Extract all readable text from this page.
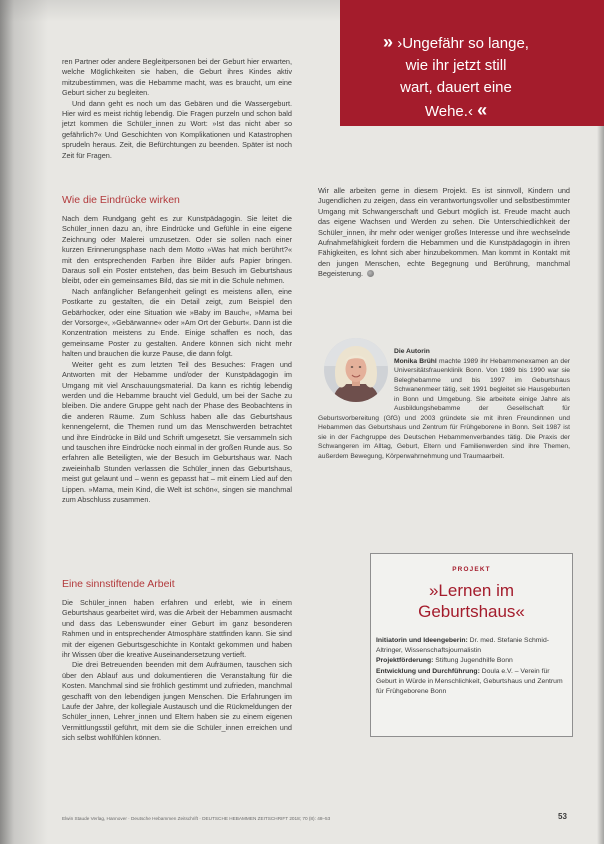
» ›Ungefähr so lange,
wie ihr jetzt still
wart, dauert eine
Wehe.‹ «

ren Partner oder andere Begleitpersonen bei der Geburt hier erwarten, welche Möglichkeiten sie haben, die Geburt ihres Kindes aktiv mitzubestimmen, was die Hebamme macht, was es braucht, um eine Geburt sicher zu begleiten.

Und dann geht es noch um das Gebären und die Wassergeburt. Hier wird es meist richtig lebendig. Die Fragen purzeln und schon bald jetzt kommen die Schüler_innen zu Wort: »Ist das nicht aber so gefährlich?« Und Geschichten von Komplikationen und Katastrophen sprudeln heraus. Zeit, die Befürchtungen zu beenden. Später ist noch Zeit für Fragen.

Wie die Eindrücke wirken

Nach dem Rundgang geht es zur Kunstpädagogin. Sie leitet die Schüler_innen dazu an, ihre Eindrücke und Gefühle in eine eigene Zeichnung oder Malerei umzusetzen. Oder sie sollen nach einer kurzen Erinnerungsphase nach dem Motto »Was hat mich berührt?« mit den entsprechenden Farben ihre Bilder aufs Papier bringen. Daraus soll ein Poster entstehen, das beim Besuch im Geburtshaus bleibt, oder ein gemeinsames Bild, das sie mit in die Schule nehmen.

Nach anfänglicher Befangenheit gelingt es meistens allen, eine Postkarte zu gestalten, die ein Detail zeigt, zum Beispiel den Gebärhocker, oder eine Situation wie »Baby im Bauch«, »Mama bei der Vorsorge«, »Gebärwanne« oder »Am Ort der Geburt«. Dann ist die Konzentration meistens zu Ende. Einige schaffen es noch, das gemeinsame Poster zu gestalten. Andere können sich nicht mehr halten und brauchen die kurze Pause, die dann folgt.

Weiter geht es zum letzten Teil des Besuches: Fragen und Antworten mit der Hebamme und/oder der Kunstpädagogin im Umgang mit viel Anschauungsmaterial. Da kann es richtig lebendig werden und die Hebamme braucht viel Geduld, um bei der Sache zu bleiben. Die andere Gruppe geht nach der Phase des Beobachtens in die anderen Räume. Zum Schluss haben alle das Geburtshaus kennengelernt, die Themen rund um das Menschwerden betrachtet und ihre Eindrücke in Bild und Schrift umgesetzt. Sie versammeln sich und tauschen ihre Eindrücke noch einmal in der großen Runde aus. So erfahren alle Beteiligten, wie der Besuch im Geburtshaus war. Nach zweieinhalb Stunden verlassen die Schüler_innen das Geburtshaus, meist gut gelaunt und – wenn es gepasst hat – mit einem Lied auf den Lippen. »Mama, mein Kind, die Welt ist schön«, singen sie manchmal zum Abschluss zusammen.

Eine sinnstiftende Arbeit

Die Schüler_innen haben erfahren und erlebt, wie in einem Geburtshaus gearbeitet wird, was die Arbeit der Hebammen ausmacht und dass das Lebenswunder einer Geburt im ganz besonderen Rahmen und in entsprechender Atmosphäre stattfinden kann. Sie sind mit der eigenen Geburtsgeschichte in Kontakt gekommen und haben ihr Wissen über die kreative Auseinandersetzung vertieft.

Die drei Betreuenden beenden mit dem Aufräumen, tauschen sich über den Ablauf aus und dokumentieren die Veranstaltung für die Kosten. Manchmal sind sie fröhlich gestimmt und zufrieden, manchmal geschafft von den lebendigen jungen Menschen. Die Erfahrungen im Laufe der Jahre, der kollegiale Austausch und die Rückmeldungen der Schüler_innen, Lehrer_innen und Eltern haben sie zu einem eigenen Vermittlungsstil geführt, mit dem sie die Schüler_innen erreichen und sich selbst wohlfühlen können.

Wir alle arbeiten gerne in diesem Projekt. Es ist sinnvoll, Kindern und Jugendlichen zu zeigen, dass ein verantwortungsvoller und selbstbestimmter Umgang mit Schwangerschaft und Geburt möglich ist. Freude macht auch das eigene Wachsen und Werden zu sehen. Die Unterschiedlichkeit der Schüler_innen, ihr mehr oder weniger großes Interesse und ihre wechselnde Aufnahmefähigkeit fordern die Hebammen und die Kunstpädagogin in ihren Fähigkeiten, es lohnt sich aber hinzubekommen. Man kommt in Kontakt mit den jungen Menschen, echte Begegnung und Berührung, manchmal Begeisterung.

Die Autorin
Monika Brühl machte 1989 ihr Hebammenexamen an der Universitätsfrauenklinik Bonn. Von 1989 bis 1990 war sie Beleghebamme und bis 1997 im Geburtshaus Schwanenmeer tätig, seit 1991 begleitet sie Hausgeburten in Bonn und Umgebung. Sie arbeitete einige Jahre als Ausbildungshebamme der Gesellschaft für Geburtsvorbereitung (GfG) und 2003 gründete sie mit ihren Freundinnen und Hebammen das Geburtshaus und Zentrum für Frühgeborene in Bonn. Seit 1987 ist sie in der Fachgruppe des Deutschen Hebammenverbandes tätig. Die Praxis der Schwangeren im Alltag, Geburt, Eltern und Familienwerden sind ihre Themen, außerdem Bewegung, Körperwahrnehmung und Traumaarbeit.
PROJEKT
»Lernen im
Geburtshaus«

Initiatorin und Ideengeberin: Dr. med. Stefanie Schmid-Altringer, Wissenschaftsjournalistin

Projektförderung: Stiftung Jugendhilfe Bonn

Entwicklung und Durchführung: Doula e.V. – Verein für Geburt in Würde in Menschlichkeit, Geburtshaus und Zentrum für Frühgeborene Bonn

Elwin Staude Verlag, Hannover · Deutsche Hebammen Zeitschrift · DEUTSCHE HEBAMMEN ZEITSCHRIFT 2018; 70 (8): 48–53	53
